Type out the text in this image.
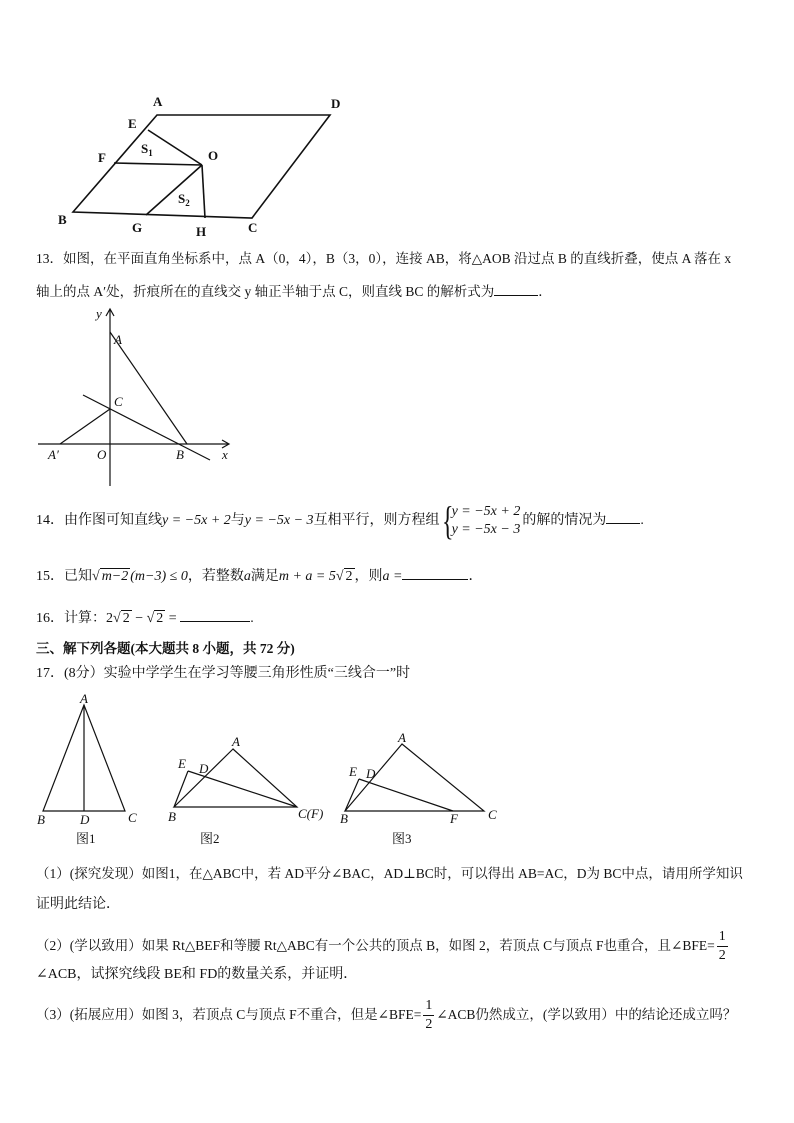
A	D
E
F	O
B
G	H	C
$S_1$
$S_2$
13．如图，在平面直角坐标系中，点 A（0，4），B（3，0），连接 AB，将△AOB 沿过点 B 的直线折叠，使点 A 落在 x
轴上的点 A′处，折痕所在的直线交 y 轴正半轴于点 C，则直线 BC 的解析式为	．
y
A
C
A′	O	B	x
14．由作图可知直线y = −5x + 2与y = −5x − 3互相平行，则方程组 {
y = −5x + 2
y = −5x − 3
的解的情况为 .
15．已知√ m−2 (m−3) ≤ 0，若整数a满足m + a = 5√ 2 ，则a =	．
16．计算：2√ 2 − √ 2 =	.
三、解下列各题(本大题共 8 小题，共 72 分)
17．(8分）实验中学学生在学习等腰三角形性质“三线合一”时
A
B	D	C
图1
A
E D
B	C(F)
图2
A
E D
B	F C
图3
（1）(探究发现）如图1，在△ABC中，若 AD平分∠BAC，AD⊥BC时，可以得出 AB=AC，D为 BC中点，请用所学知识
证明此结论．
（2）(学以致用）如果 Rt△BEF和等腰 Rt△ABC有一个公共的顶点 B，如图 2，若顶点 C与顶点 F也重合，且∠BFE= $\frac{1}{2}$
∠ACB，试探究线段 BE和 FD的数量关系，并证明．
（3）(拓展应用）如图 3，若顶点 C与顶点 F不重合，但是∠BFE= $\frac{1}{2}$ ∠ACB仍然成立，(学以致用）中的结论还成立吗？
